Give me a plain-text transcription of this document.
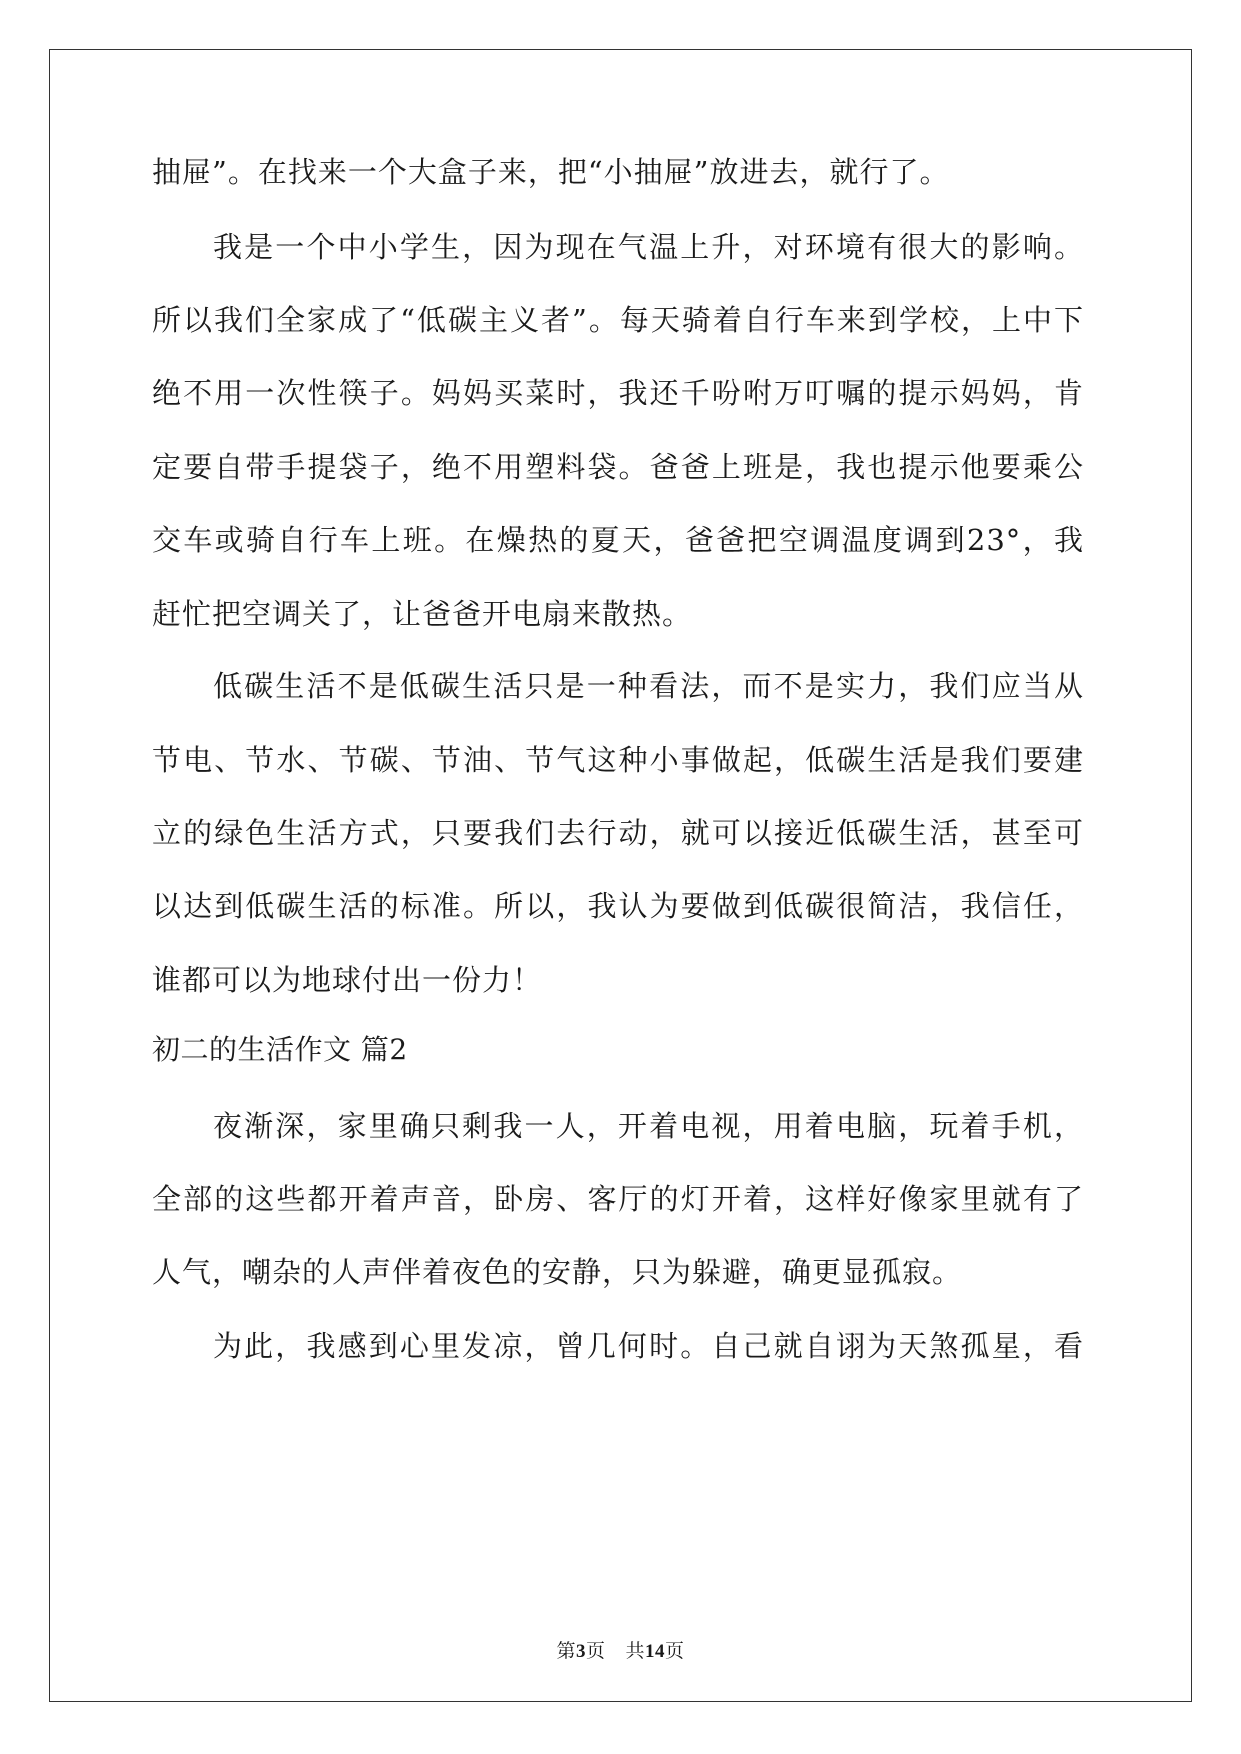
抽屉”。在找来一个大盒子来，把“小抽屉”放进去，就行了。
我是一个中小学生，因为现在气温上升，对环境有很大的影响。
所以我们全家成了“低碳主义者”。每天骑着自行车来到学校，上中下
绝不用一次性筷子。妈妈买菜时，我还千吩咐万叮嘱的提示妈妈，肯
定要自带手提袋子，绝不用塑料袋。爸爸上班是，我也提示他要乘公
交车或骑自行车上班。在燥热的夏天，爸爸把空调温度调到23°，我
赶忙把空调关了，让爸爸开电扇来散热。
低碳生活不是低碳生活只是一种看法，而不是实力，我们应当从
节电、节水、节碳、节油、节气这种小事做起，低碳生活是我们要建
立的绿色生活方式，只要我们去行动，就可以接近低碳生活，甚至可
以达到低碳生活的标准。所以，我认为要做到低碳很简洁，我信任，
谁都可以为地球付出一份力！
初二的生活作文 篇2
夜渐深，家里确只剩我一人，开着电视，用着电脑，玩着手机，
全部的这些都开着声音，卧房、客厅的灯开着，这样好像家里就有了
人气，嘲杂的人声伴着夜色的安静，只为躲避，确更显孤寂。
为此，我感到心里发凉，曾几何时。自己就自诩为天煞孤星，看
第3页 共14页
